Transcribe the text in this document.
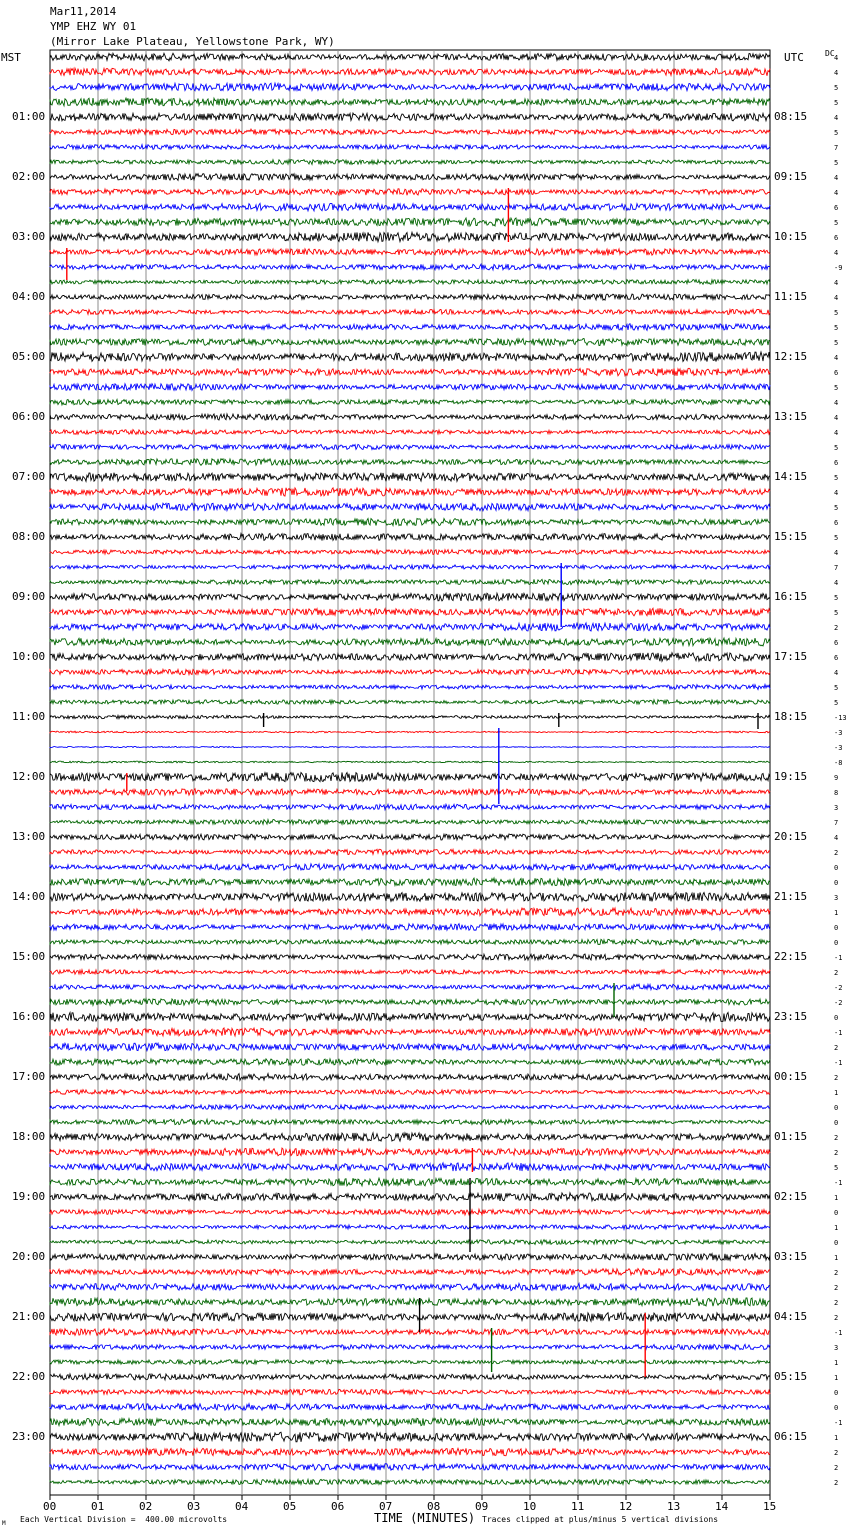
Mar11,2014
YMP EHZ WY 01
(Mirror Lake Plateau, Yellowstone Park, WY)
MST	UTC	DC
01:00
02:00
03:00
04:00
05:00
06:00
07:00
08:00
09:00
10:00
11:00
12:00
13:00
14:00
15:00
16:00
17:00
18:00
19:00
20:00
21:00
22:00
23:00
08:15
09:15
10:15
11:15
12:15
13:15
14:15
15:15
16:15
17:15
18:15
19:15
20:15
21:15
22:15
23:15
00:15
01:15
02:15
03:15
04:15
05:15
06:15
4
4
5
5
4
5
7
5
4
4
6
5
6
4
-9
4
4
5
5
5
4
6
5
4
4
4
5
6
5
4
5
6
5
4
7
4
5
5
2
6
6
4
5
5
-13
-3
-3
-8
9
8
3
7
4
2
0
0
3
1
0
0
-1
2
-2
-2
0
-1
2
-1
2
1
0
0
2
2
5
-1
1
0
1
0
1
2
2
2
2
-1
3
1
1
0
0
-1
1
2
2
2
00	01	02	03	04	05	06	07	08	09	10	11	12	13	14	15
TIME (MINUTES)
Each Vertical Division =  400.00 microvolts	Traces clipped at plus/minus 5 vertical divisions
M
